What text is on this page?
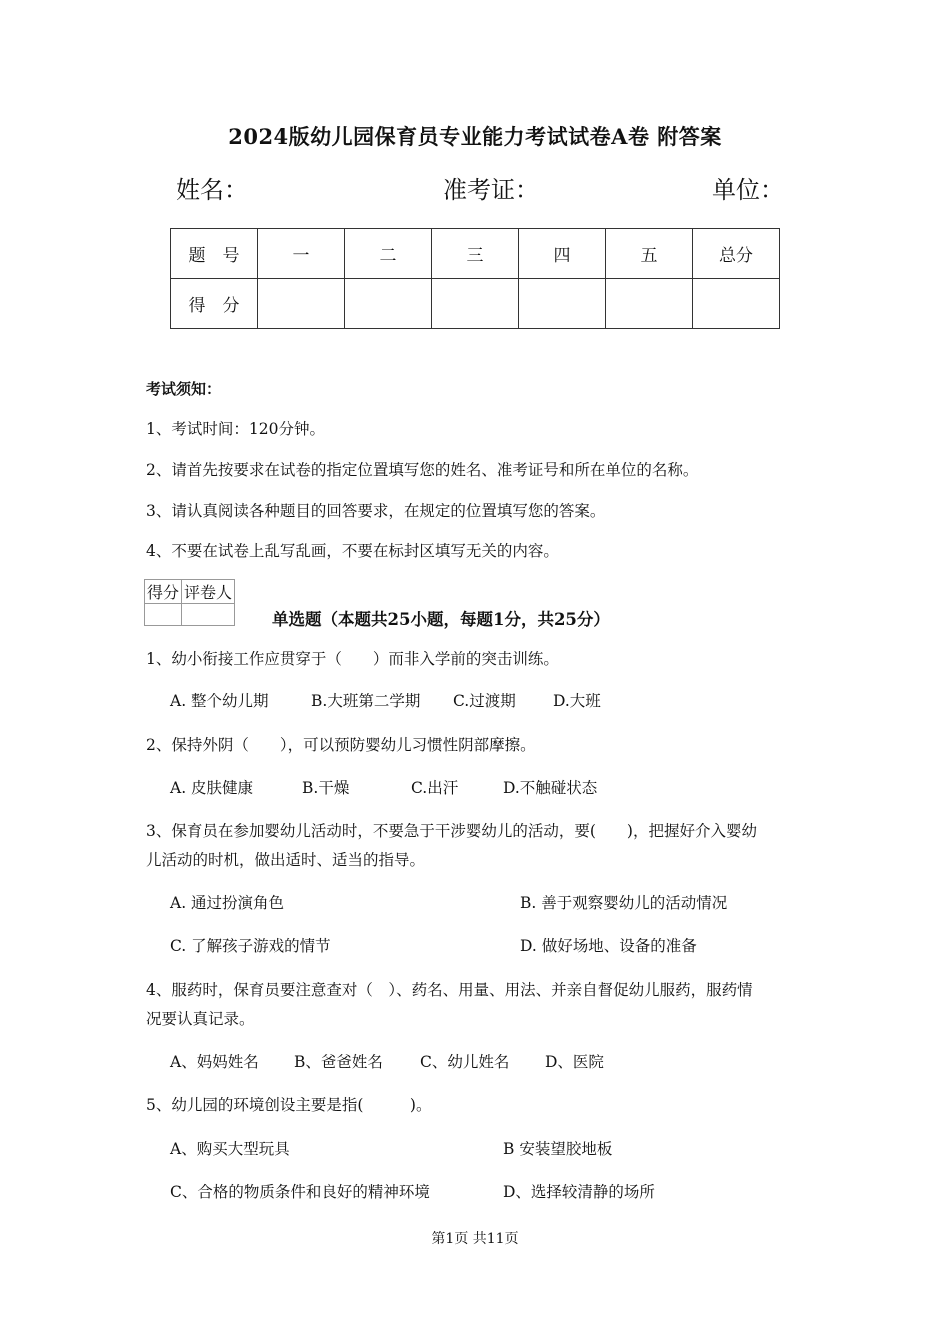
2024版幼儿园保育员专业能力考试试卷A卷 附答案
姓名：	准考证：	单位：
题　号	一	二	三	四	五	总分
得　分						
考试须知：
1、考试时间：120分钟。
2、请首先按要求在试卷的指定位置填写您的姓名、准考证号和所在单位的名称。
3、请认真阅读各种题目的回答要求，在规定的位置填写您的答案。
4、不要在试卷上乱写乱画，不要在标封区填写无关的内容。
得分	评卷人

单选题（本题共25小题，每题1分，共25分）
1、幼小衔接工作应贯穿于（　　）而非入学前的突击训练。
A. 整个幼儿期	B.大班第二学期 C.过渡期 D.大班
2、保持外阴（　　），可以预防婴幼儿习惯性阴部摩擦。
A. 皮肤健康	B.干燥	C.出汗	D.不触碰状态
3、保育员在参加婴幼儿活动时，不要急于干涉婴幼儿的活动，要(　　)，把握好介入婴幼
儿活动的时机，做出适时、适当的指导。
A. 通过扮演角色	B. 善于观察婴幼儿的活动情况
C. 了解孩子游戏的情节	D. 做好场地、设备的准备
4、服药时，保育员要注意查对（　）、药名、用量、用法、并亲自督促幼儿服药，服药情
况要认真记录。
A、妈妈姓名 B、爸爸姓名 C、幼儿姓名 D、医院
5、幼儿园的环境创设主要是指(　　　)。
A、购买大型玩具	B 安装望胶地板
C、合格的物质条件和良好的精神环境	D、选择较清静的场所
第1页 共11页
